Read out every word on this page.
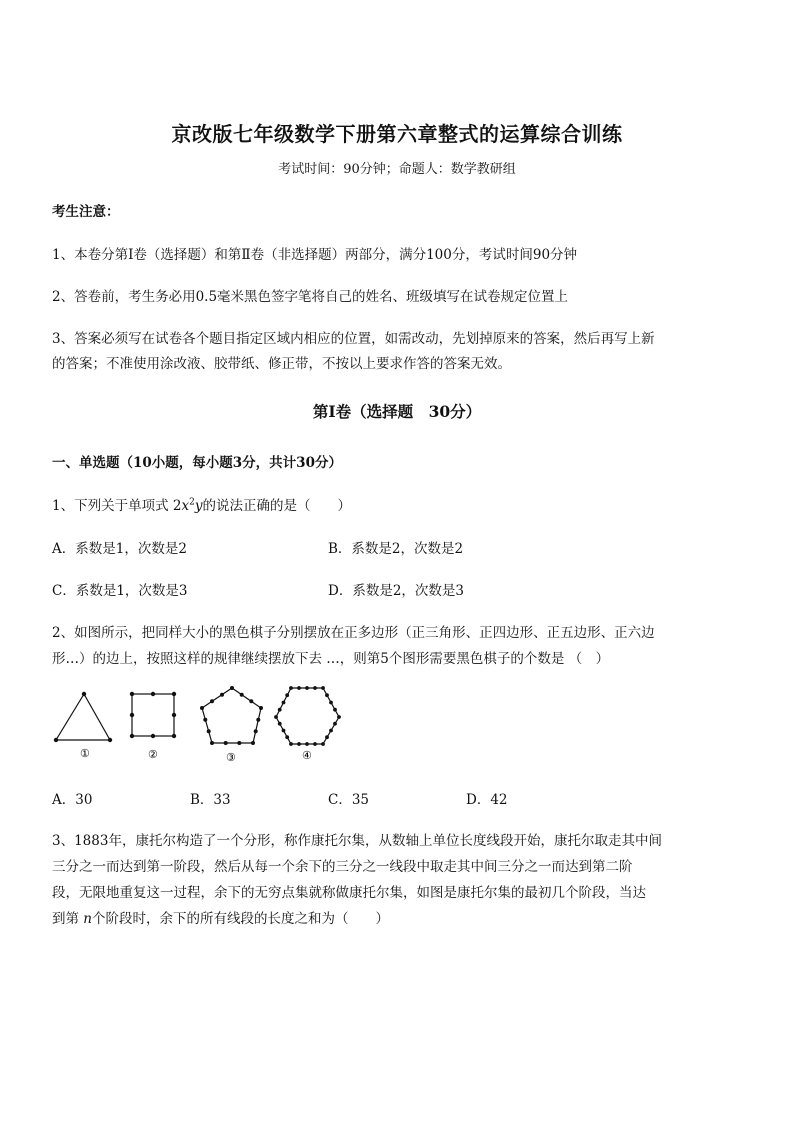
京改版七年级数学下册第六章整式的运算综合训练
考试时间：90分钟；命题人：数学教研组
考生注意：
1、本卷分第Ⅰ卷（选择题）和第Ⅱ卷（非选择题）两部分，满分100分，考试时间90分钟
2、答卷前，考生务必用0.5毫米黑色签字笔将自己的姓名、班级填写在试卷规定位置上
3、答案必须写在试卷各个题目指定区域内相应的位置，如需改动，先划掉原来的答案，然后再写上新
的答案；不准使用涂改液、胶带纸、修正带，不按以上要求作答的答案无效。
第Ⅰ卷（选择题　30分）
一、单选题（10小题，每小题3分，共计30分）
1、下列关于单项式 $2x^2y$的说法正确的是（　　）
A．系数是1，次数是2	B．系数是2，次数是2
C．系数是1，次数是3	D．系数是2，次数是3
2、如图所示，把同样大小的黑色棋子分别摆放在正多边形（正三角形、正四边形、正五边形、正六边
形…）的边上，按照这样的规律继续摆放下去 …，则第5个图形需要黑色棋子的个数是 （　）
①	②	③	④
A．30	B．33	C．35	D．42
3、1883年，康托尔构造了一个分形，称作康托尔集，从数轴上单位长度线段开始，康托尔取走其中间
三分之一而达到第一阶段，然后从每一个余下的三分之一线段中取走其中间三分之一而达到第二阶
段，无限地重复这一过程，余下的无穷点集就称做康托尔集，如图是康托尔集的最初几个阶段，当达
到第 n个阶段时，余下的所有线段的长度之和为（　　）
